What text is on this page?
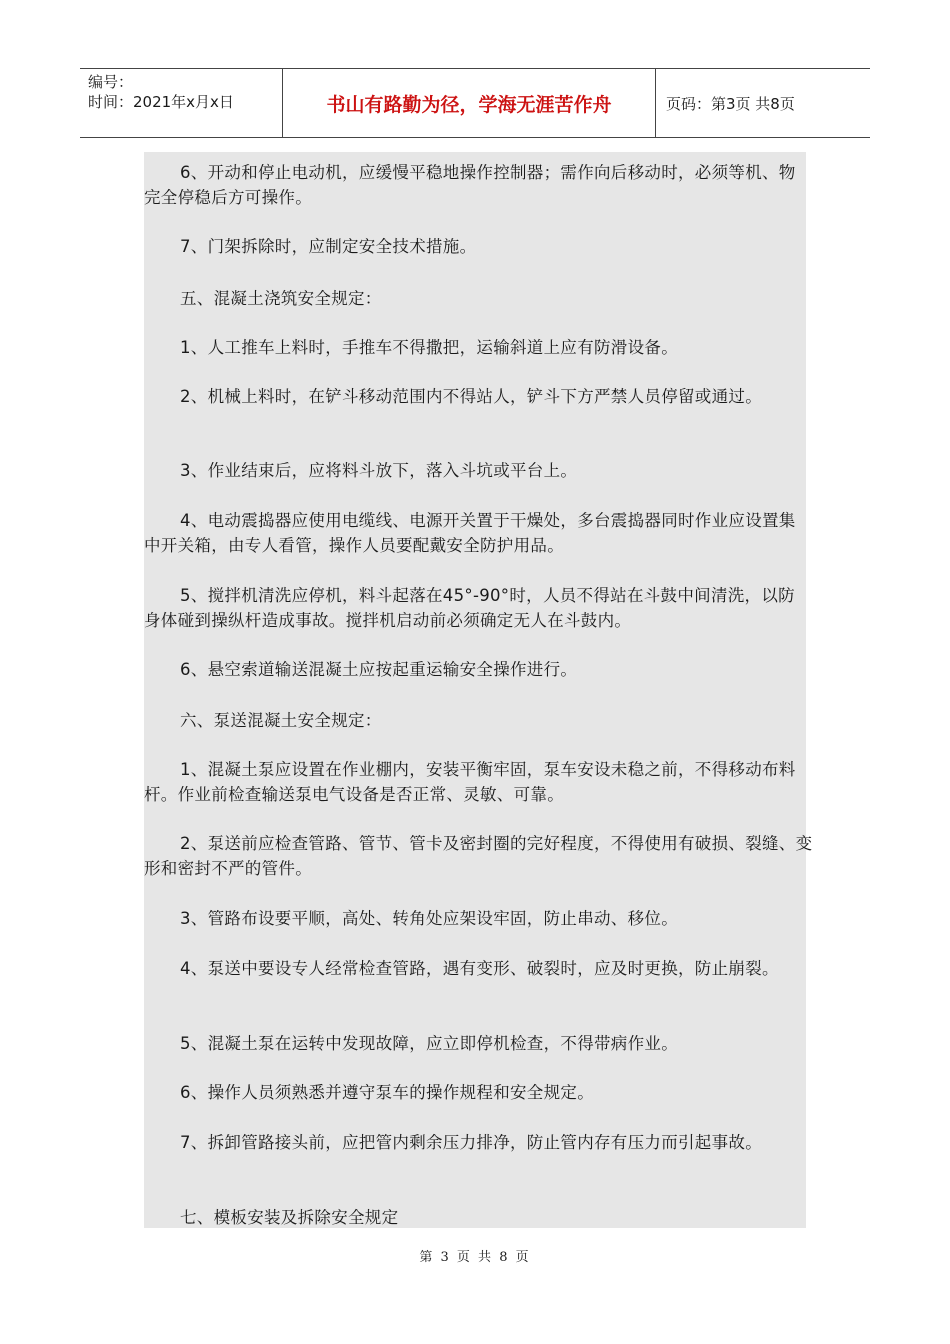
编号：
时间：2021年x月x日	书山有路勤为径，学海无涯苦作舟	页码：第3页 共8页
6、开动和停止电动机，应缓慢平稳地操作控制器；需作向后移动时，必须等机、物完全停稳后方可操作。
7、门架拆除时，应制定安全技术措施。
五、混凝土浇筑安全规定：
1、人工推车上料时，手推车不得撒把，运输斜道上应有防滑设备。
2、机械上料时，在铲斗移动范围内不得站人，铲斗下方严禁人员停留或通过。
3、作业结束后，应将料斗放下，落入斗坑或平台上。
4、电动震捣器应使用电缆线、电源开关置于干燥处，多台震捣器同时作业应设置集中开关箱，由专人看管，操作人员要配戴安全防护用品。
5、搅拌机清洗应停机，料斗起落在45°-90°时，人员不得站在斗鼓中间清洗，以防身体碰到操纵杆造成事故。搅拌机启动前必须确定无人在斗鼓内。
6、悬空索道输送混凝土应按起重运输安全操作进行。
六、泵送混凝土安全规定：
1、混凝土泵应设置在作业棚内，安装平衡牢固，泵车安设未稳之前，不得移动布料杆。作业前检查输送泵电气设备是否正常、灵敏、可靠。
2、泵送前应检查管路、管节、管卡及密封圈的完好程度，不得使用有破损、裂缝、变形和密封不严的管件。
3、管路布设要平顺，高处、转角处应架设牢固，防止串动、移位。
4、泵送中要设专人经常检查管路，遇有变形、破裂时，应及时更换，防止崩裂。
5、混凝土泵在运转中发现故障，应立即停机检查，不得带病作业。
6、操作人员须熟悉并遵守泵车的操作规程和安全规定。
7、拆卸管路接头前，应把管内剩余压力排净，防止管内存有压力而引起事故。
七、模板安装及拆除安全规定
第 3 页 共 8 页
